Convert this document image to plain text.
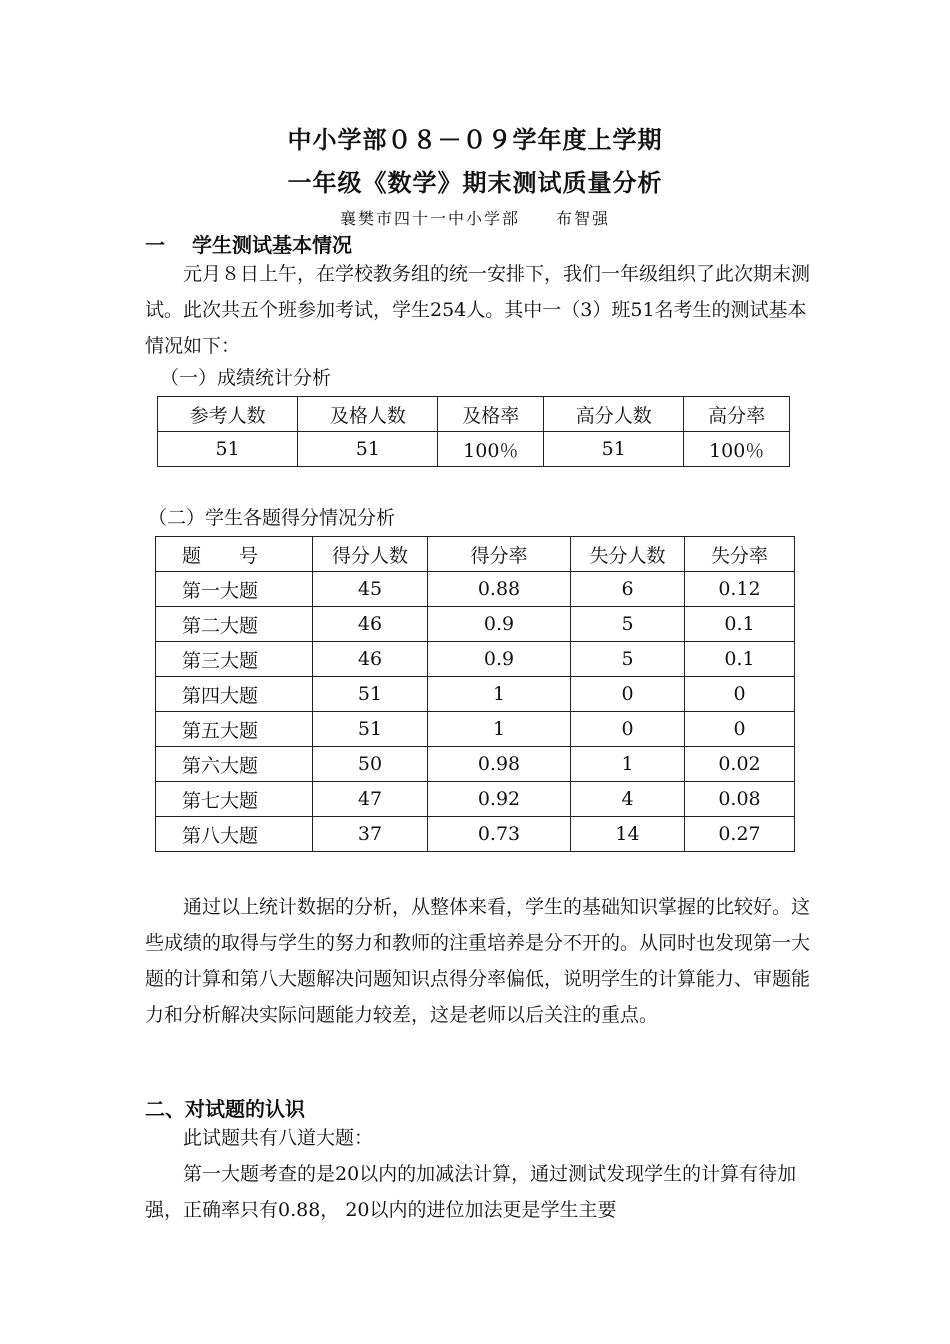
中小学部０８－０９学年度上学期
一年级《数学》期末测试质量分析
襄樊市四十一中小学部　　布智强
一　 学生测试基本情况
　　元月８日上午，在学校教务组的统一安排下，我们一年级组织了此次期末测试。此次共五个班参加考试，学生254人。其中一（3）班51名考生的测试基本情况如下：
（一）成绩统计分析
参考人数	及格人数	及格率	高分人数	高分率
51	51	100％	51	100％
（二）学生各题得分情况分析
题　　号	得分人数	得分率	失分人数	失分率
第一大题	45	0.88	6	0.12
第二大题	46	0.9	5	0.1
第三大题	46	0.9	5	0.1
第四大题	51	1	0	0
第五大题	51	1	0	0
第六大题	50	0.98	1	0.02
第七大题	47	0.92	4	0.08
第八大题	37	0.73	14	0.27
　　通过以上统计数据的分析，从整体来看，学生的基础知识掌握的比较好。这些成绩的取得与学生的努力和教师的注重培养是分不开的。从同时也发现第一大题的计算和第八大题解决问题知识点得分率偏低，说明学生的计算能力、审题能力和分析解决实际问题能力较差，这是老师以后关注的重点。
二、对试题的认识
　　此试题共有八道大题：
　　第一大题考查的是20以内的加减法计算，通过测试发现学生的计算有待加强，正确率只有0.88， 20以内的进位加法更是学生主要
